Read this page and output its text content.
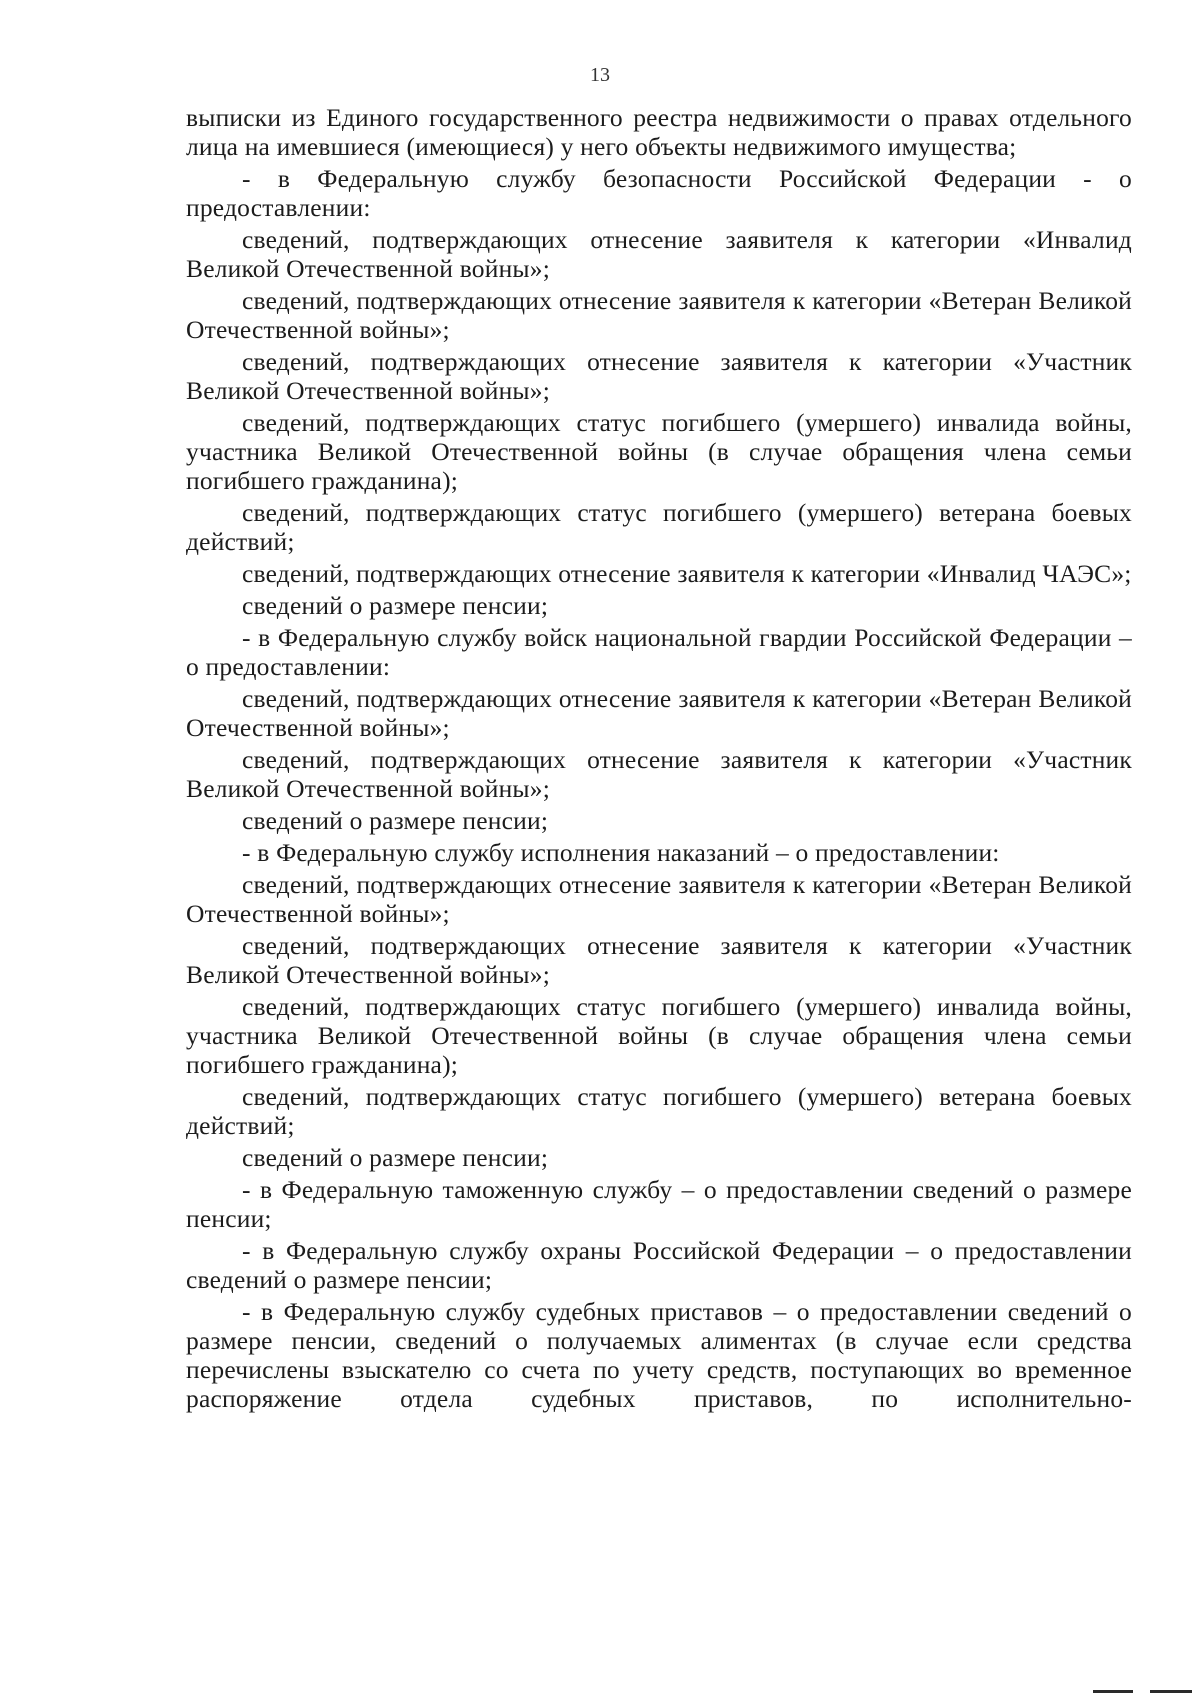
13

выписки из Единого государственного реестра недвижимости о правах отдельного лица на имевшиеся (имеющиеся) у него объекты недвижимого имущества;

- в Федеральную службу безопасности Российской Федерации - о предоставлении:

сведений, подтверждающих отнесение заявителя к категории «Инвалид Великой Отечественной войны»;

сведений, подтверждающих отнесение заявителя к категории «Ветеран Великой Отечественной войны»;

сведений, подтверждающих отнесение заявителя к категории «Участник Великой Отечественной войны»;

сведений, подтверждающих статус погибшего (умершего) инвалида войны, участника Великой Отечественной войны (в случае обращения члена семьи погибшего гражданина);

сведений, подтверждающих статус погибшего (умершего) ветерана боевых действий;

сведений, подтверждающих отнесение заявителя к категории «Инвалид ЧАЭС»;

сведений о размере пенсии;

- в Федеральную службу войск национальной гвардии Российской Федерации – о предоставлении:

сведений, подтверждающих отнесение заявителя к категории «Ветеран Великой Отечественной войны»;

сведений, подтверждающих отнесение заявителя к категории «Участник Великой Отечественной войны»;

сведений о размере пенсии;

- в Федеральную службу исполнения наказаний – о предоставлении:

сведений, подтверждающих отнесение заявителя к категории «Ветеран Великой Отечественной войны»;

сведений, подтверждающих отнесение заявителя к категории «Участник Великой Отечественной войны»;

сведений, подтверждающих статус погибшего (умершего) инвалида войны, участника Великой Отечественной войны (в случае обращения члена семьи погибшего гражданина);

сведений, подтверждающих статус погибшего (умершего) ветерана боевых действий;

сведений о размере пенсии;

- в Федеральную таможенную службу – о предоставлении сведений о размере пенсии;

- в Федеральную службу охраны Российской Федерации – о предоставлении сведений о размере пенсии;

- в Федеральную службу судебных приставов – о предоставлении сведений о размере пенсии, сведений о получаемых алиментах (в случае если средства перечислены взыскателю со счета по учету средств, поступающих во временное распоряжение отдела судебных приставов, по исполнительно-
